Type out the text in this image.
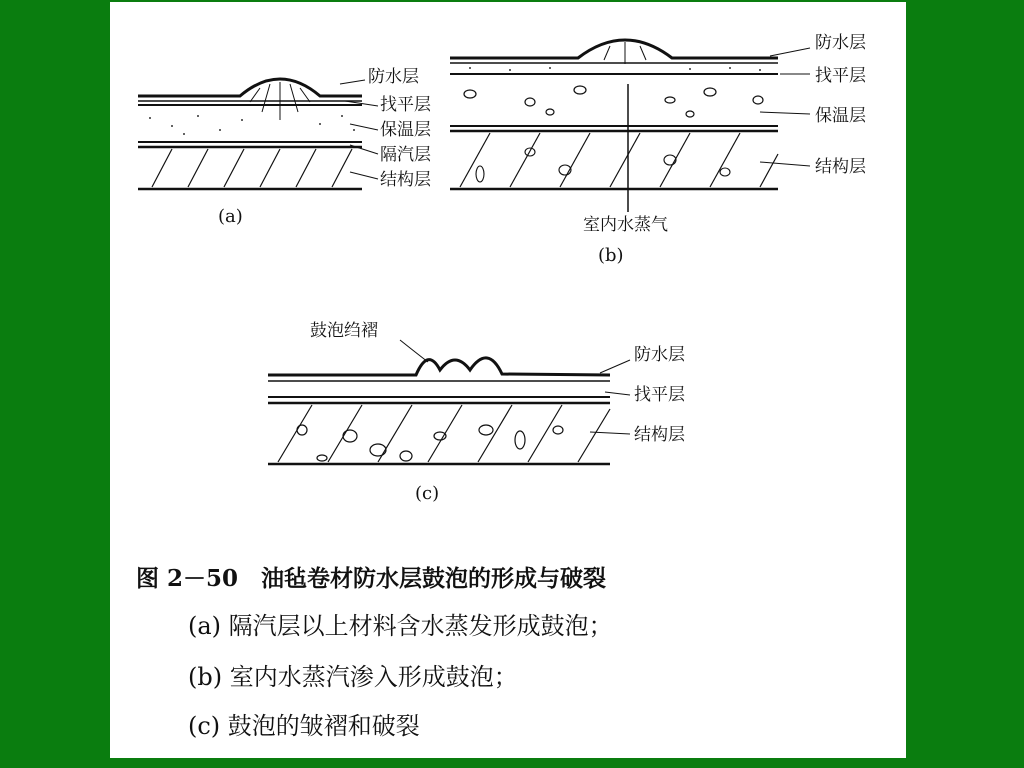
防水层
找平层
保温层
隔汽层
结构层
(a)
防水层
找平层
保温层
结构层
室内水蒸气
(b)
鼓泡绉褶
防水层
找平层
结构层
(c)
图 2－50　油毡卷材防水层鼓泡的形成与破裂
(a) 隔汽层以上材料含水蒸发形成鼓泡；
(b) 室内水蒸汽渗入形成鼓泡；
(c) 鼓泡的皱褶和破裂
